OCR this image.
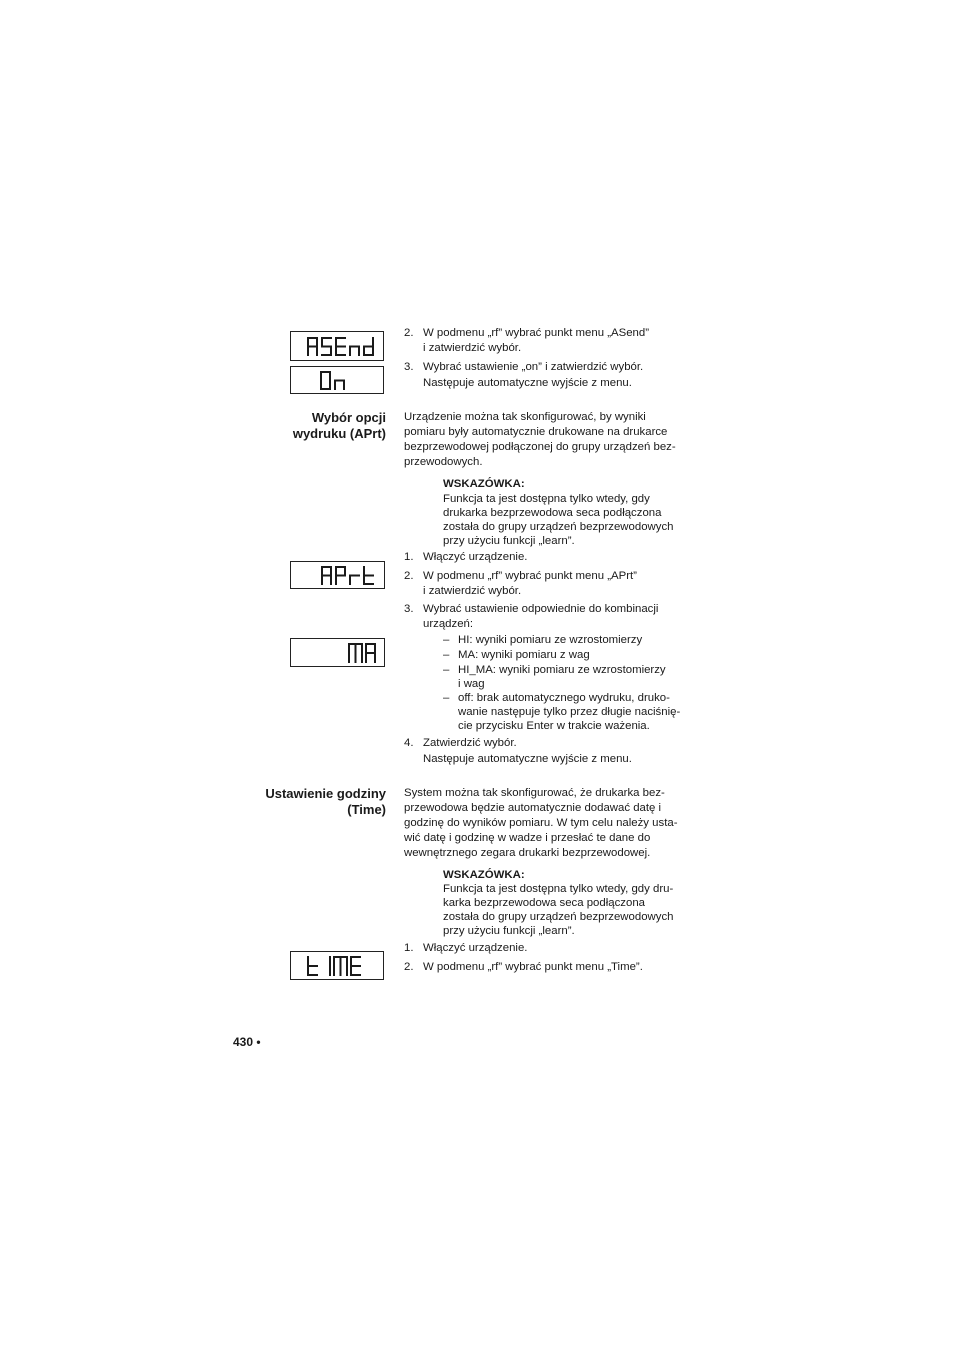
2. W podmenu „rf” wybrać punkt menu „ASend”
i zatwierdzić wybór.
3. Wybrać ustawienie „on” i zatwierdzić wybór.
Następuje automatyczne wyjście z menu.
Wybór opcji
wydruku (APrt)
Urządzenie można tak skonfigurować, by wyniki
pomiaru były automatycznie drukowane na drukarce
bezprzewodowej podłączonej do grupy urządzeń bez-
przewodowych.
WSKAZÓWKA:
Funkcja ta jest dostępna tylko wtedy, gdy
drukarka bezprzewodowa seca podłączona
została do grupy urządzeń bezprzewodowych
przy użyciu funkcji „learn”.
1. Włączyć urządzenie.
2. W podmenu „rf” wybrać punkt menu „APrt”
i zatwierdzić wybór.
3. Wybrać ustawienie odpowiednie do kombinacji
urządzeń:
– HI: wyniki pomiaru ze wzrostomierzy
– MA: wyniki pomiaru z wag
– HI_MA: wyniki pomiaru ze wzrostomierzy
i wag
– off: brak automatycznego wydruku, druko-
wanie następuje tylko przez długie naciśnię-
cie przycisku Enter w trakcie ważenia.
4. Zatwierdzić wybór.
Następuje automatyczne wyjście z menu.
Ustawienie godziny
(Time)
System można tak skonfigurować, że drukarka bez-
przewodowa będzie automatycznie dodawać datę i
godzinę do wyników pomiaru. W tym celu należy usta-
wić datę i godzinę w wadze i przesłać te dane do
wewnętrznego zegara drukarki bezprzewodowej.
WSKAZÓWKA:
Funkcja ta jest dostępna tylko wtedy, gdy dru-
karka bezprzewodowa seca podłączona
została do grupy urządzeń bezprzewodowych
przy użyciu funkcji „learn”.
1. Włączyć urządzenie.
2. W podmenu „rf” wybrać punkt menu „Time”.
430 •
